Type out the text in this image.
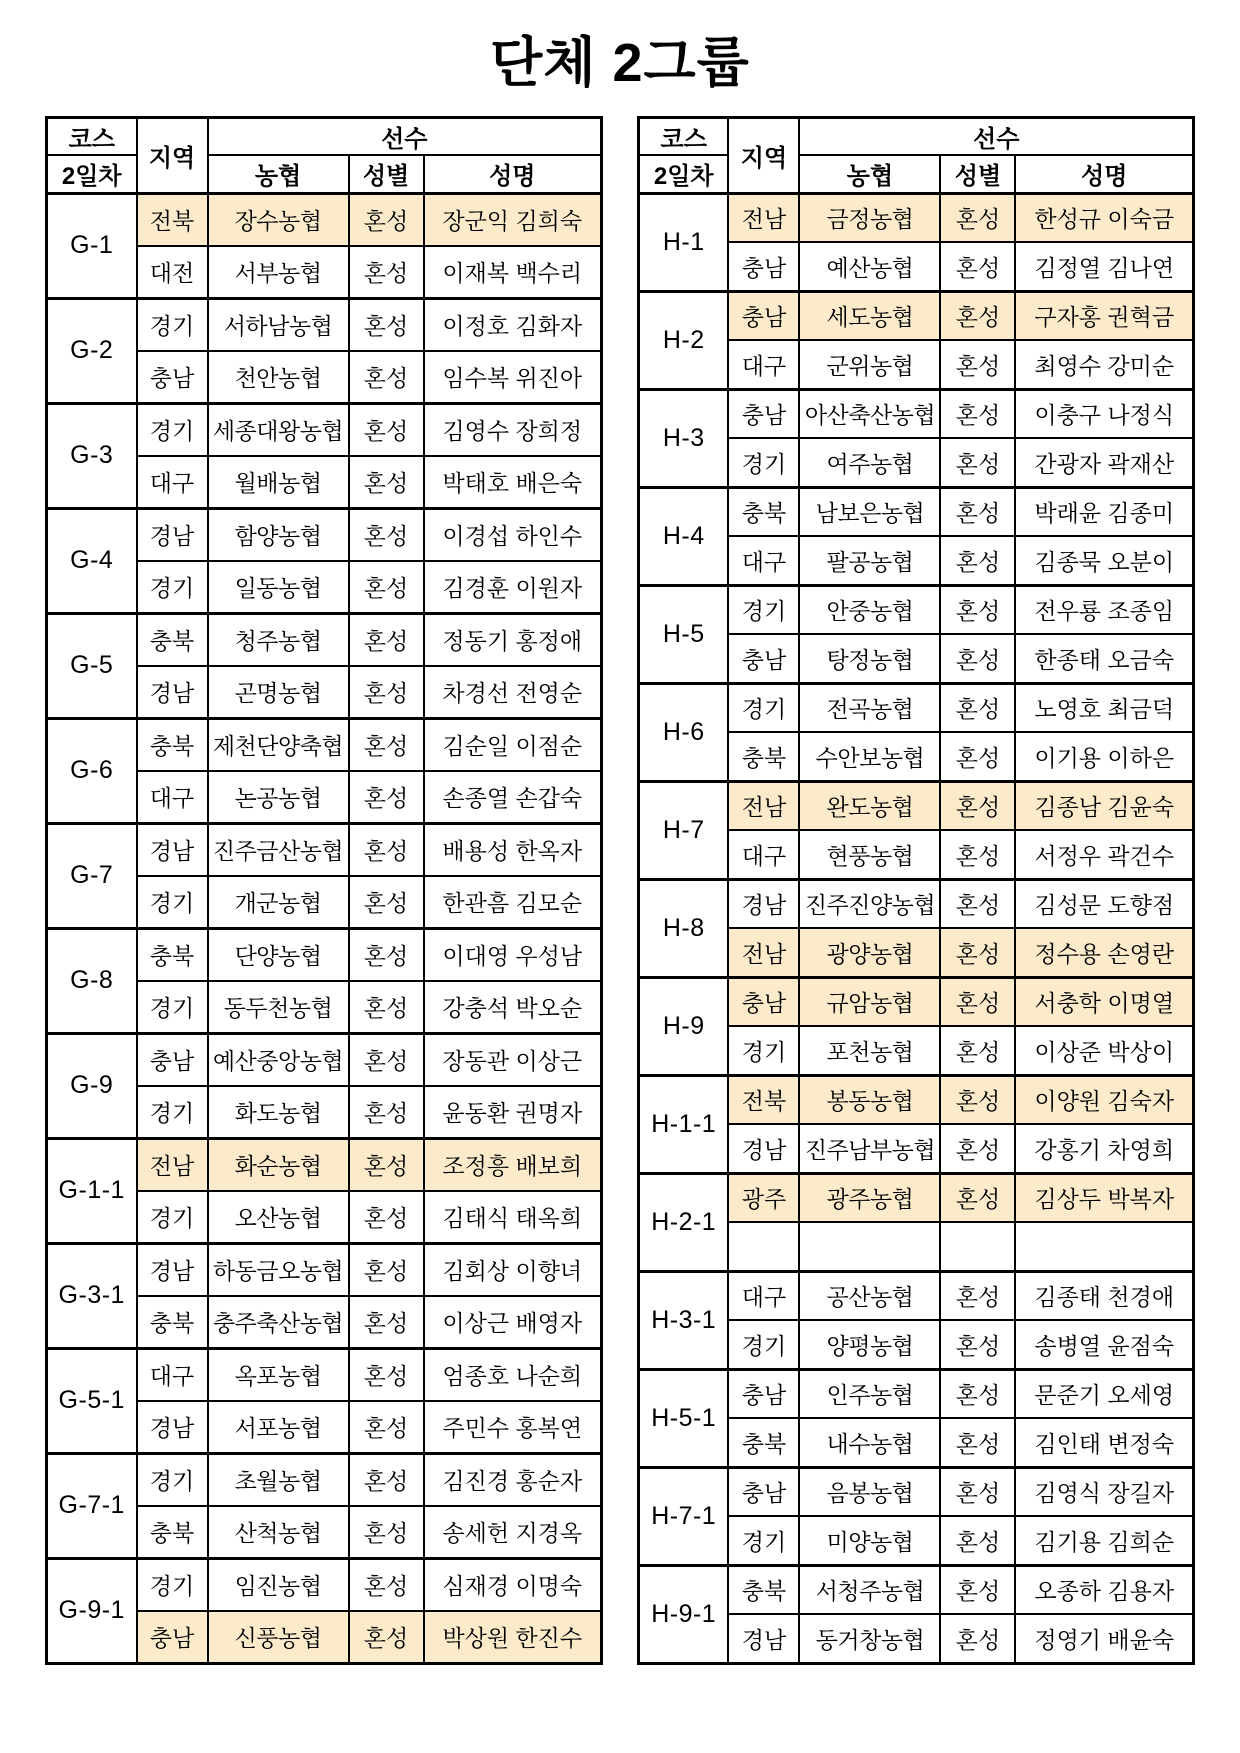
단체 2그룹
코스	지역	선수		
2일차		농협	성별	성명
G-1	전북	장수농협	혼성	장군익 김희숙
	대전	서부농협	혼성	이재복 백수리
G-2	경기	서하남농협	혼성	이정호 김화자
	충남	천안농협	혼성	임수복 위진아
G-3	경기	세종대왕농협	혼성	김영수 장희정
	대구	월배농협	혼성	박태호 배은숙
G-4	경남	함양농협	혼성	이경섭 하인수
	경기	일동농협	혼성	김경훈 이원자
G-5	충북	청주농협	혼성	정동기 홍정애
	경남	곤명농협	혼성	차경선 전영순
G-6	충북	제천단양축협	혼성	김순일 이점순
	대구	논공농협	혼성	손종열 손갑숙
G-7	경남	진주금산농협	혼성	배용성 한옥자
	경기	개군농협	혼성	한관흠 김모순
G-8	충북	단양농협	혼성	이대영 우성남
	경기	동두천농협	혼성	강충석 박오순
G-9	충남	예산중앙농협	혼성	장동관 이상근
	경기	화도농협	혼성	윤동환 권명자
G-1-1	전남	화순농협	혼성	조정흥 배보희
	경기	오산농협	혼성	김태식 태옥희
G-3-1	경남	하동금오농협	혼성	김회상 이향녀
	충북	충주축산농협	혼성	이상근 배영자
G-5-1	대구	옥포농협	혼성	엄종호 나순희
	경남	서포농협	혼성	주민수 홍복연
G-7-1	경기	초월농협	혼성	김진경 홍순자
	충북	산척농협	혼성	송세헌 지경옥
G-9-1	경기	임진농협	혼성	심재경 이명숙
	충남	신풍농협	혼성	박상원 한진수
코스	지역	선수		
2일차		농협	성별	성명
H-1	전남	금정농협	혼성	한성규 이숙금
	충남	예산농협	혼성	김정열 김나연
H-2	충남	세도농협	혼성	구자홍 권혁금
	대구	군위농협	혼성	최영수 강미순
H-3	충남	아산축산농협	혼성	이충구 나정식
	경기	여주농협	혼성	간광자 곽재산
H-4	충북	남보은농협	혼성	박래윤 김종미
	대구	팔공농협	혼성	김종묵 오분이
H-5	경기	안중농협	혼성	전우룡 조종임
	충남	탕정농협	혼성	한종태 오금숙
H-6	경기	전곡농협	혼성	노영호 최금덕
	충북	수안보농협	혼성	이기용 이하은
H-7	전남	완도농협	혼성	김종남 김윤숙
	대구	현풍농협	혼성	서정우 곽건수
H-8	경남	진주진양농협	혼성	김성문 도향점
	전남	광양농협	혼성	정수용 손영란
H-9	충남	규암농협	혼성	서충학 이명열
	경기	포천농협	혼성	이상준 박상이
H-1-1	전북	봉동농협	혼성	이양원 김숙자
	경남	진주남부농협	혼성	강홍기 차영희
H-2-1	광주	광주농협	혼성	김상두 박복자

H-3-1	대구	공산농협	혼성	김종태 천경애
	경기	양평농협	혼성	송병열 윤점숙
H-5-1	충남	인주농협	혼성	문준기 오세영
	충북	내수농협	혼성	김인태 변정숙
H-7-1	충남	음봉농협	혼성	김영식 장길자
	경기	미양농협	혼성	김기용 김희순
H-9-1	충북	서청주농협	혼성	오종하 김용자
	경남	동거창농협	혼성	정영기 배윤숙
